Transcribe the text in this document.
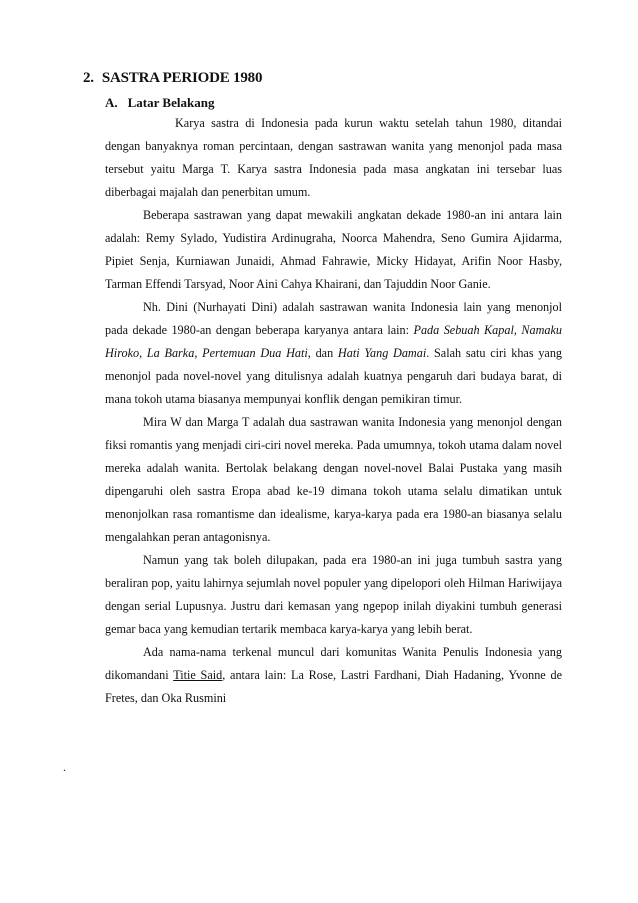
2. SASTRA PERIODE 1980
A. Latar Belakang

Karya sastra di Indonesia pada kurun waktu setelah tahun 1980, ditandai dengan banyaknya roman percintaan, dengan sastrawan wanita yang menonjol pada masa tersebut yaitu Marga T. Karya sastra Indonesia pada masa angkatan ini tersebar luas diberbagai majalah dan penerbitan umum.

Beberapa sastrawan yang dapat mewakili angkatan dekade 1980-an ini antara lain adalah: Remy Sylado, Yudistira Ardinugraha, Noorca Mahendra, Seno Gumira Ajidarma, Pipiet Senja, Kurniawan Junaidi, Ahmad Fahrawie, Micky Hidayat, Arifin Noor Hasby, Tarman Effendi Tarsyad, Noor Aini Cahya Khairani, dan Tajuddin Noor Ganie.

Nh. Dini (Nurhayati Dini) adalah sastrawan wanita Indonesia lain yang menonjol pada dekade 1980-an dengan beberapa karyanya antara lain: Pada Sebuah Kapal, Namaku Hiroko, La Barka, Pertemuan Dua Hati, dan Hati Yang Damai. Salah satu ciri khas yang menonjol pada novel-novel yang ditulisnya adalah kuatnya pengaruh dari budaya barat, di mana tokoh utama biasanya mempunyai konflik dengan pemikiran timur.

Mira W dan Marga T adalah dua sastrawan wanita Indonesia yang menonjol dengan fiksi romantis yang menjadi ciri-ciri novel mereka. Pada umumnya, tokoh utama dalam novel mereka adalah wanita. Bertolak belakang dengan novel-novel Balai Pustaka yang masih dipengaruhi oleh sastra Eropa abad ke-19 dimana tokoh utama selalu dimatikan untuk menonjolkan rasa romantisme dan idealisme, karya-karya pada era 1980-an biasanya selalu mengalahkan peran antagonisnya.

Namun yang tak boleh dilupakan, pada era 1980-an ini juga tumbuh sastra yang beraliran pop, yaitu lahirnya sejumlah novel populer yang dipelopori oleh Hilman Hariwijaya dengan serial Lupusnya. Justru dari kemasan yang ngepop inilah diyakini tumbuh generasi gemar baca yang kemudian tertarik membaca karya-karya yang lebih berat.

Ada nama-nama terkenal muncul dari komunitas Wanita Penulis Indonesia yang dikomandani Titie Said, antara lain: La Rose, Lastri Fardhani, Diah Hadaning, Yvonne de Fretes, dan Oka Rusmini

.
